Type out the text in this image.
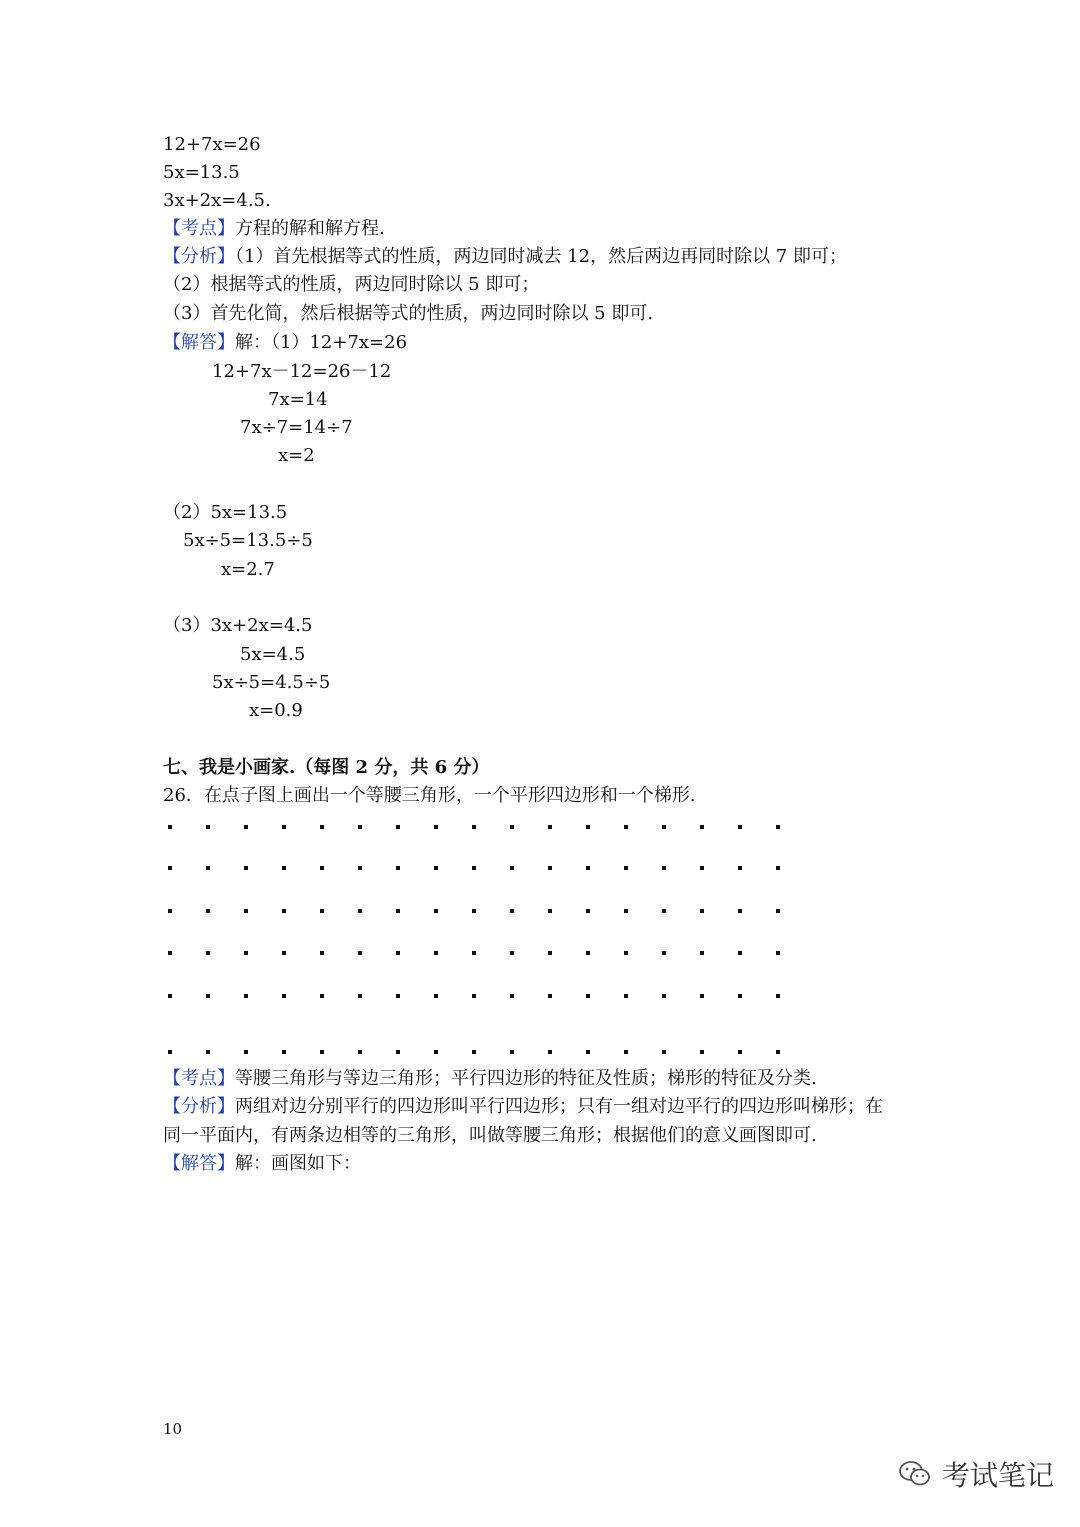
12+7x=26
5x=13.5
3x+2x=4.5.
【考点】方程的解和解方程.
【分析】（1）首先根据等式的性质，两边同时减去 12，然后两边再同时除以 7 即可；
（2）根据等式的性质，两边同时除以 5 即可；
（3）首先化简，然后根据等式的性质，两边同时除以 5 即可.
【解答】解：（1）12+7x=26
12+7x－12=26－12
7x=14
7x÷7=14÷7
x=2
（2）5x=13.5
5x÷5=13.5÷5
x=2.7
（3）3x+2x=4.5
5x=4.5
5x÷5=4.5÷5
x=0.9
七、我是小画家.（每图 2 分，共 6 分）
26．在点子图上画出一个等腰三角形，一个平形四边形和一个梯形.
【考点】等腰三角形与等边三角形；平行四边形的特征及性质；梯形的特征及分类.
【分析】两组对边分别平行的四边形叫平行四边形；只有一组对边平行的四边形叫梯形；在
同一平面内，有两条边相等的三角形，叫做等腰三角形；根据他们的意义画图即可.
【解答】解：画图如下：
10
考试笔记
